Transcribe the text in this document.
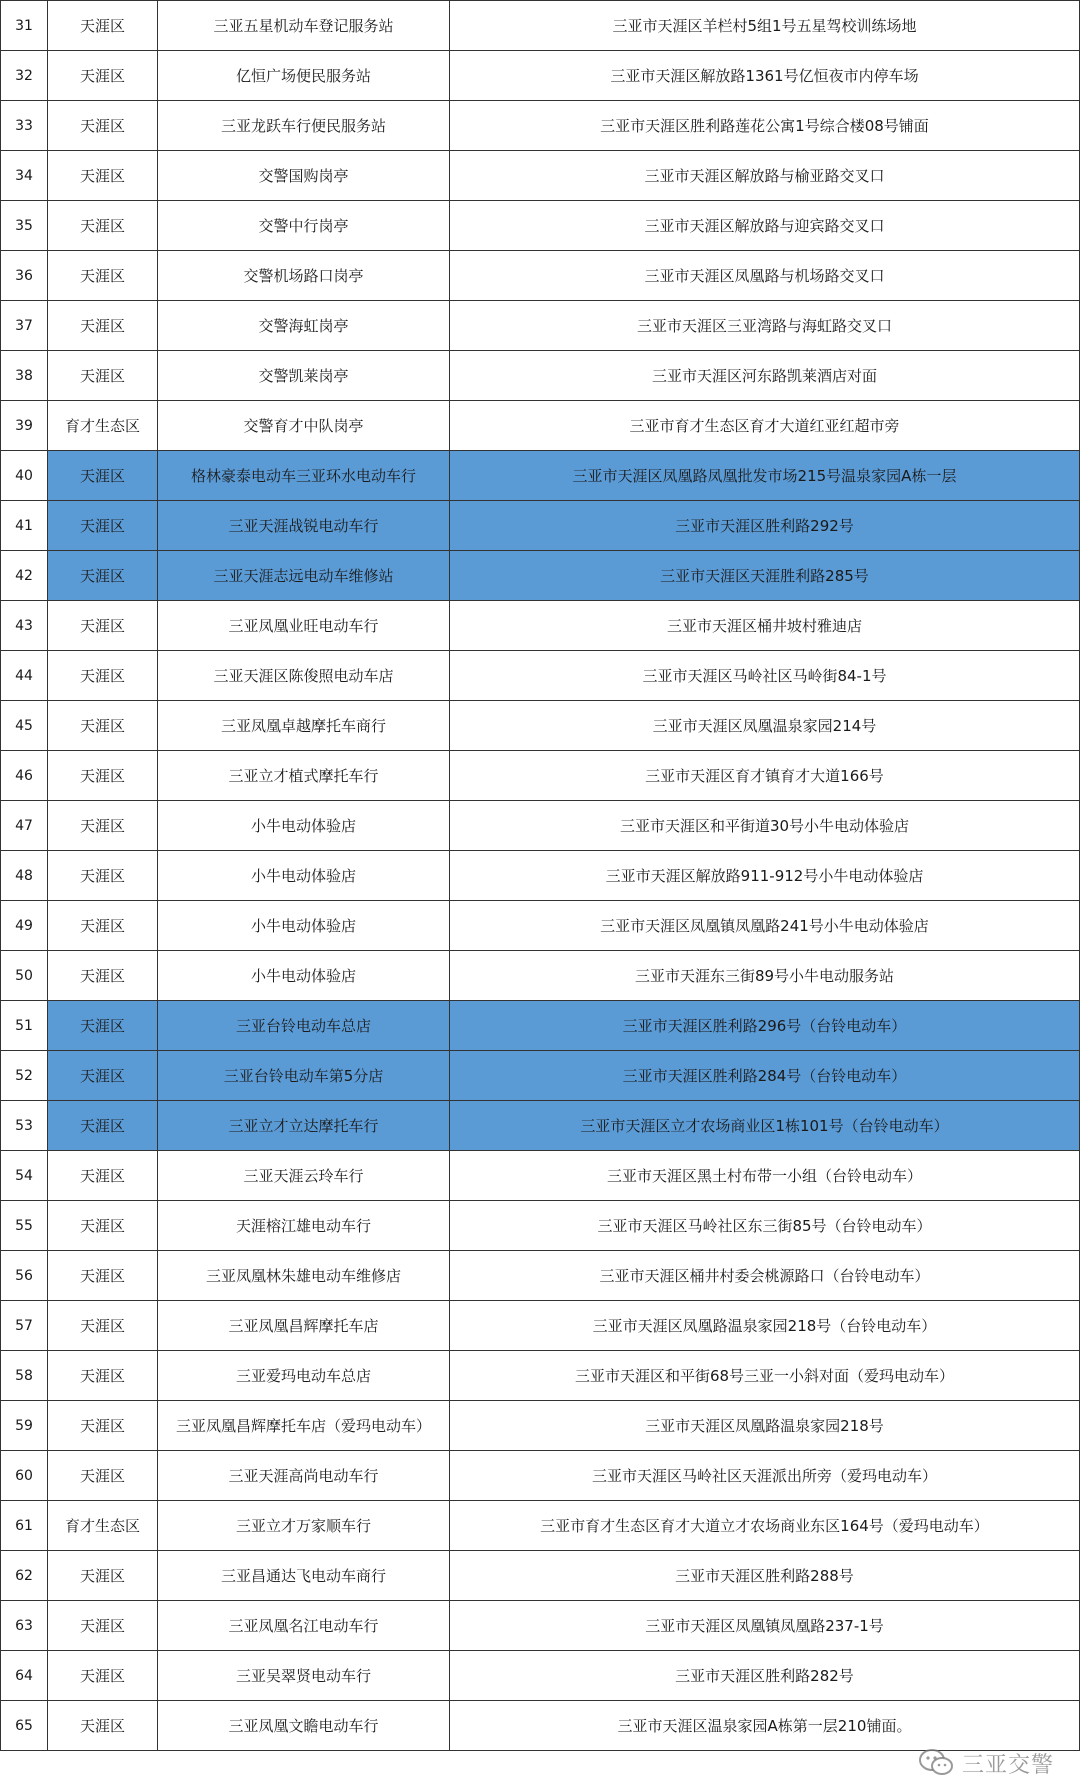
31	天涯区	三亚五星机动车登记服务站	三亚市天涯区羊栏村5组1号五星驾校训练场地
32	天涯区	亿恒广场便民服务站	三亚市天涯区解放路1361号亿恒夜市内停车场
33	天涯区	三亚龙跃车行便民服务站	三亚市天涯区胜利路莲花公寓1号综合楼08号铺面
34	天涯区	交警国购岗亭	三亚市天涯区解放路与榆亚路交叉口
35	天涯区	交警中行岗亭	三亚市天涯区解放路与迎宾路交叉口
36	天涯区	交警机场路口岗亭	三亚市天涯区凤凰路与机场路交叉口
37	天涯区	交警海虹岗亭	三亚市天涯区三亚湾路与海虹路交叉口
38	天涯区	交警凯莱岗亭	三亚市天涯区河东路凯莱酒店对面
39	育才生态区	交警育才中队岗亭	三亚市育才生态区育才大道红亚红超市旁
40	天涯区	格林豪泰电动车三亚环水电动车行	三亚市天涯区凤凰路凤凰批发市场215号温泉家园A栋一层
41	天涯区	三亚天涯战锐电动车行	三亚市天涯区胜利路292号
42	天涯区	三亚天涯志远电动车维修站	三亚市天涯区天涯胜利路285号
43	天涯区	三亚凤凰业旺电动车行	三亚市天涯区桶井坡村雅迪店
44	天涯区	三亚天涯区陈俊照电动车店	三亚市天涯区马岭社区马岭街84-1号
45	天涯区	三亚凤凰卓越摩托车商行	三亚市天涯区凤凰温泉家园214号
46	天涯区	三亚立才植式摩托车行	三亚市天涯区育才镇育才大道166号
47	天涯区	小牛电动体验店	三亚市天涯区和平街道30号小牛电动体验店
48	天涯区	小牛电动体验店	三亚市天涯区解放路911-912号小牛电动体验店
49	天涯区	小牛电动体验店	三亚市天涯区凤凰镇凤凰路241号小牛电动体验店
50	天涯区	小牛电动体验店	三亚市天涯东三街89号小牛电动服务站
51	天涯区	三亚台铃电动车总店	三亚市天涯区胜利路296号（台铃电动车）
52	天涯区	三亚台铃电动车第5分店	三亚市天涯区胜利路284号（台铃电动车）
53	天涯区	三亚立才立达摩托车行	三亚市天涯区立才农场商业区1栋101号（台铃电动车）
54	天涯区	三亚天涯云玲车行	三亚市天涯区黑土村布带一小组（台铃电动车）
55	天涯区	天涯榕江雄电动车行	三亚市天涯区马岭社区东三街85号（台铃电动车）
56	天涯区	三亚凤凰林朱雄电动车维修店	三亚市天涯区桶井村委会桃源路口（台铃电动车）
57	天涯区	三亚凤凰昌辉摩托车店	三亚市天涯区凤凰路温泉家园218号（台铃电动车）
58	天涯区	三亚爱玛电动车总店	三亚市天涯区和平街68号三亚一小斜对面（爱玛电动车）
59	天涯区	三亚凤凰昌辉摩托车店（爱玛电动车）	三亚市天涯区凤凰路温泉家园218号
60	天涯区	三亚天涯高尚电动车行	三亚市天涯区马岭社区天涯派出所旁（爱玛电动车）
61	育才生态区	三亚立才万家顺车行	三亚市育才生态区育才大道立才农场商业东区164号（爱玛电动车）
62	天涯区	三亚昌通达飞电动车商行	三亚市天涯区胜利路288号
63	天涯区	三亚凤凰名江电动车行	三亚市天涯区凤凰镇凤凰路237-1号
64	天涯区	三亚吴翠贤电动车行	三亚市天涯区胜利路282号
65	天涯区	三亚凤凰文瞻电动车行	三亚市天涯区温泉家园A栋第一层210铺面。
三亚交警
